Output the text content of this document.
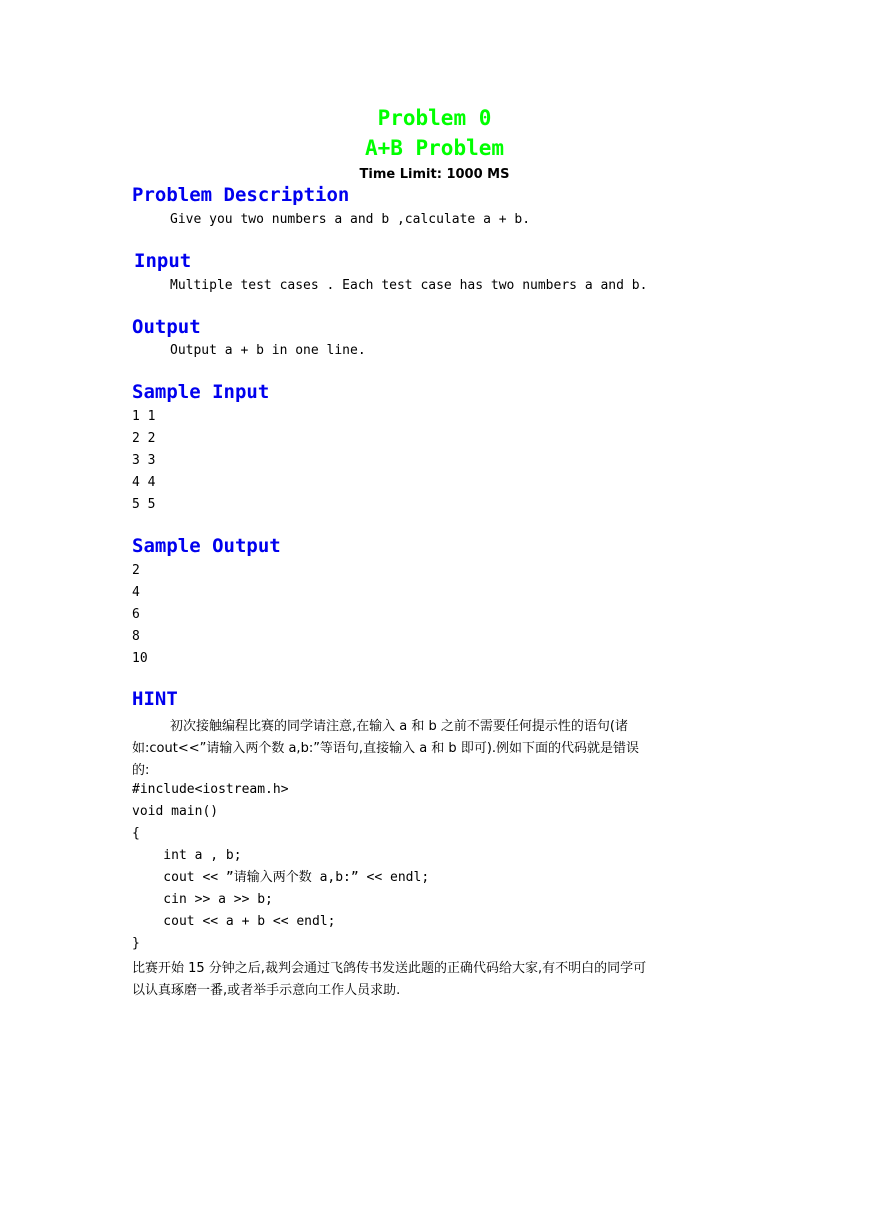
Problem 0
A+B Problem
Time Limit: 1000 MS
Problem Description
Give you two numbers a and b ,calculate a + b.
Input
Multiple test cases . Each test case has two numbers a and b.
Output
Output a + b in one line.
Sample Input
1 1
2 2
3 3
4 4
5 5
Sample Output
2
4
6
8
10
HINT
初次接触编程比赛的同学请注意,在输入 a 和 b 之前不需要任何提示性的语句(诸
如:cout<<”请输入两个数 a,b:”等语句,直接输入 a 和 b 即可).例如下面的代码就是错误
的:
#include<iostream.h>
void main()
{
int a , b;
cout << ”请输入两个数 a,b:” << endl;
cin >> a >> b;
cout << a + b << endl;
}
比赛开始 15 分钟之后,裁判会通过飞鸽传书发送此题的正确代码给大家,有不明白的同学可
以认真琢磨一番,或者举手示意向工作人员求助.
